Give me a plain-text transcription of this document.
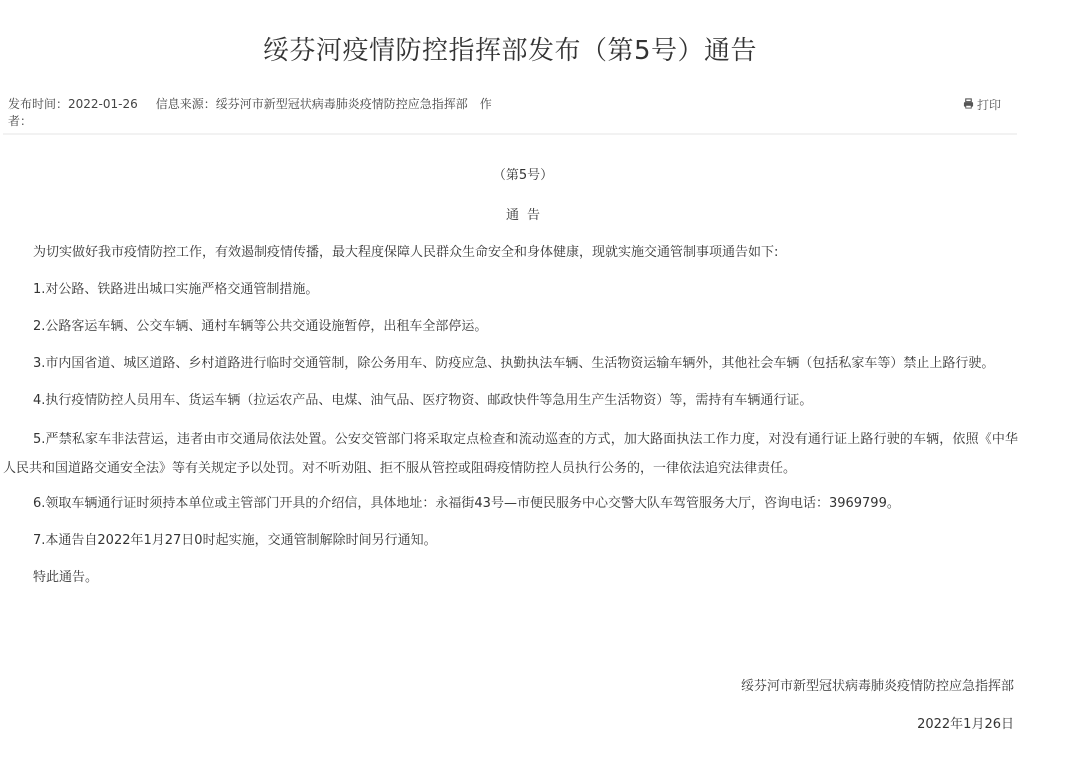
绥芬河疫情防控指挥部发布（第5号）通告
发布时间：2022-01-26 信息来源：绥芬河市新型冠状病毒肺炎疫情防控应急指挥部 作者：
打印
（第5号）
通告

为切实做好我市疫情防控工作，有效遏制疫情传播，最大程度保障人民群众生命安全和身体健康，现就实施交通管制事项通告如下:

1.对公路、铁路进出城口实施严格交通管制措施。

2.公路客运车辆、公交车辆、通村车辆等公共交通设施暂停，出租车全部停运。

3.市内国省道、城区道路、乡村道路进行临时交通管制，除公务用车、防疫应急、执勤执法车辆、生活物资运输车辆外，其他社会车辆（包括私家车等）禁止上路行驶。

4.执行疫情防控人员用车、货运车辆（拉运农产品、电煤、油气品、医疗物资、邮政快件等急用生产生活物资）等，需持有车辆通行证。

5.严禁私家车非法营运，违者由市交通局依法处置。公安交管部门将采取定点检查和流动巡查的方式，加大路面执法工作力度，对没有通行证上路行驶的车辆，依照《中华人民共和国道路交通安全法》等有关规定予以处罚。对不听劝阻、拒不服从管控或阻碍疫情防控人员执行公务的，一律依法追究法律责任。

6.领取车辆通行证时须持本单位或主管部门开具的介绍信，具体地址：永福街43号—市便民服务中心交警大队车驾管服务大厅，咨询电话：3969799。

7.本通告自2022年1月27日0时起实施，交通管制解除时间另行通知。

特此通告。

绥芬河市新型冠状病毒肺炎疫情防控应急指挥部
2022年1月26日
